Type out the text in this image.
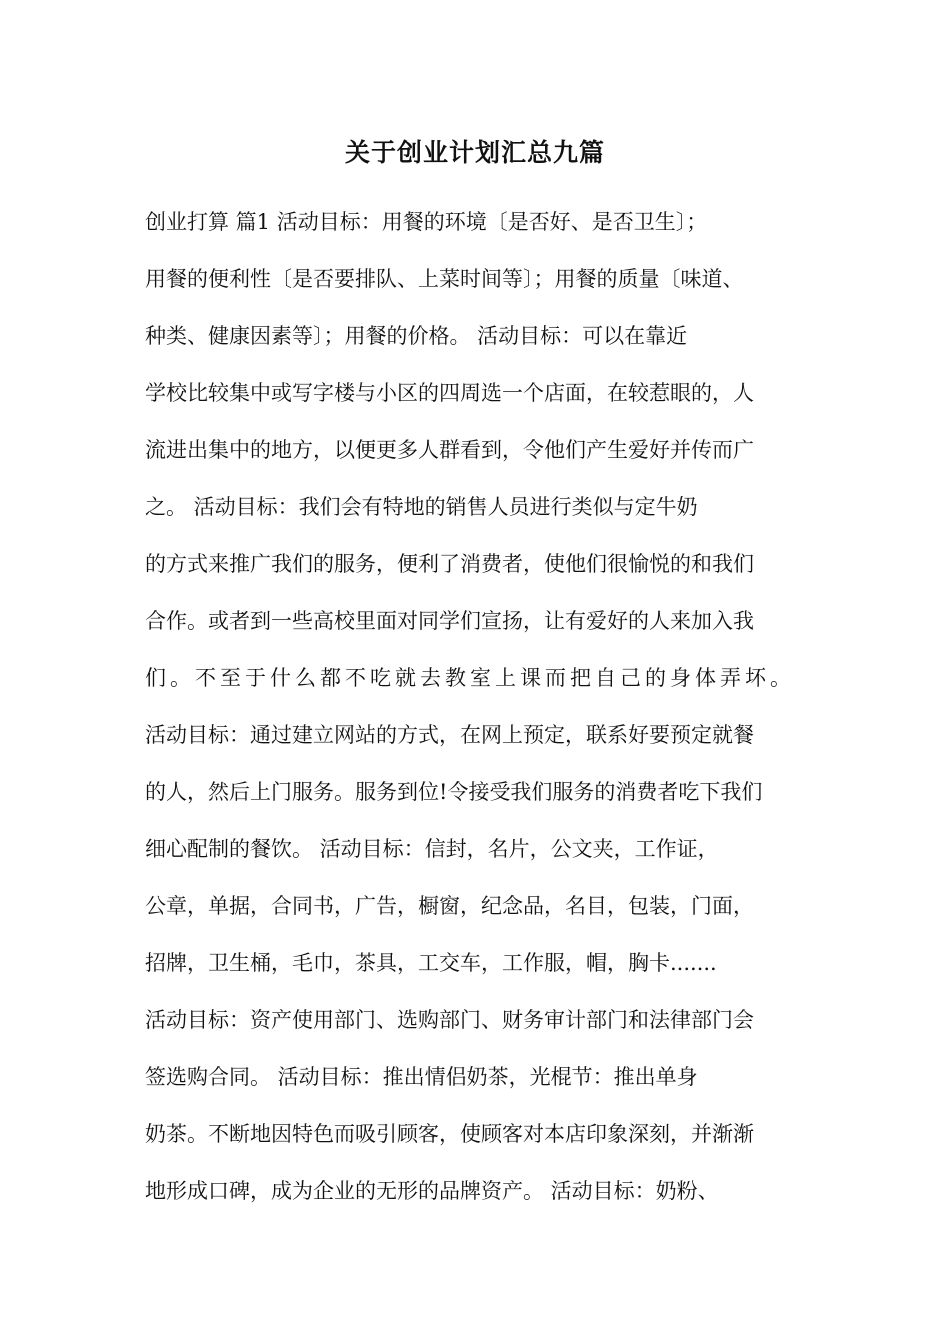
关于创业计划汇总九篇
创业打算 篇1 活动目标：用餐的环境〔是否好、是否卫生〕；
用餐的便利性〔是否要排队、上菜时间等〕；用餐的质量〔味道、
种类、健康因素等〕；用餐的价格。 活动目标：可以在靠近
学校比较集中或写字楼与小区的四周选一个店面，在较惹眼的，人
流进出集中的地方，以便更多人群看到，令他们产生爱好并传而广
之。 活动目标：我们会有特地的销售人员进行类似与定牛奶
的方式来推广我们的服务，便利了消费者，使他们很愉悦的和我们
合作。或者到一些高校里面对同学们宣扬，让有爱好的人来加入我
们。不至于什么都不吃就去教室上课而把自己的身体弄坏。
活动目标：通过建立网站的方式，在网上预定，联系好要预定就餐
的人，然后上门服务。服务到位!令接受我们服务的消费者吃下我们
细心配制的餐饮。 活动目标：信封，名片，公文夹，工作证，
公章，单据，合同书，广告，橱窗，纪念品，名目，包装，门面，
招牌，卫生桶，毛巾，茶具，工交车，工作服，帽，胸卡.......
活动目标：资产使用部门、选购部门、财务审计部门和法律部门会
签选购合同。 活动目标：推出情侣奶茶，光棍节：推出单身
奶茶。不断地因特色而吸引顾客，使顾客对本店印象深刻，并渐渐
地形成口碑，成为企业的无形的品牌资产。 活动目标：奶粉、
